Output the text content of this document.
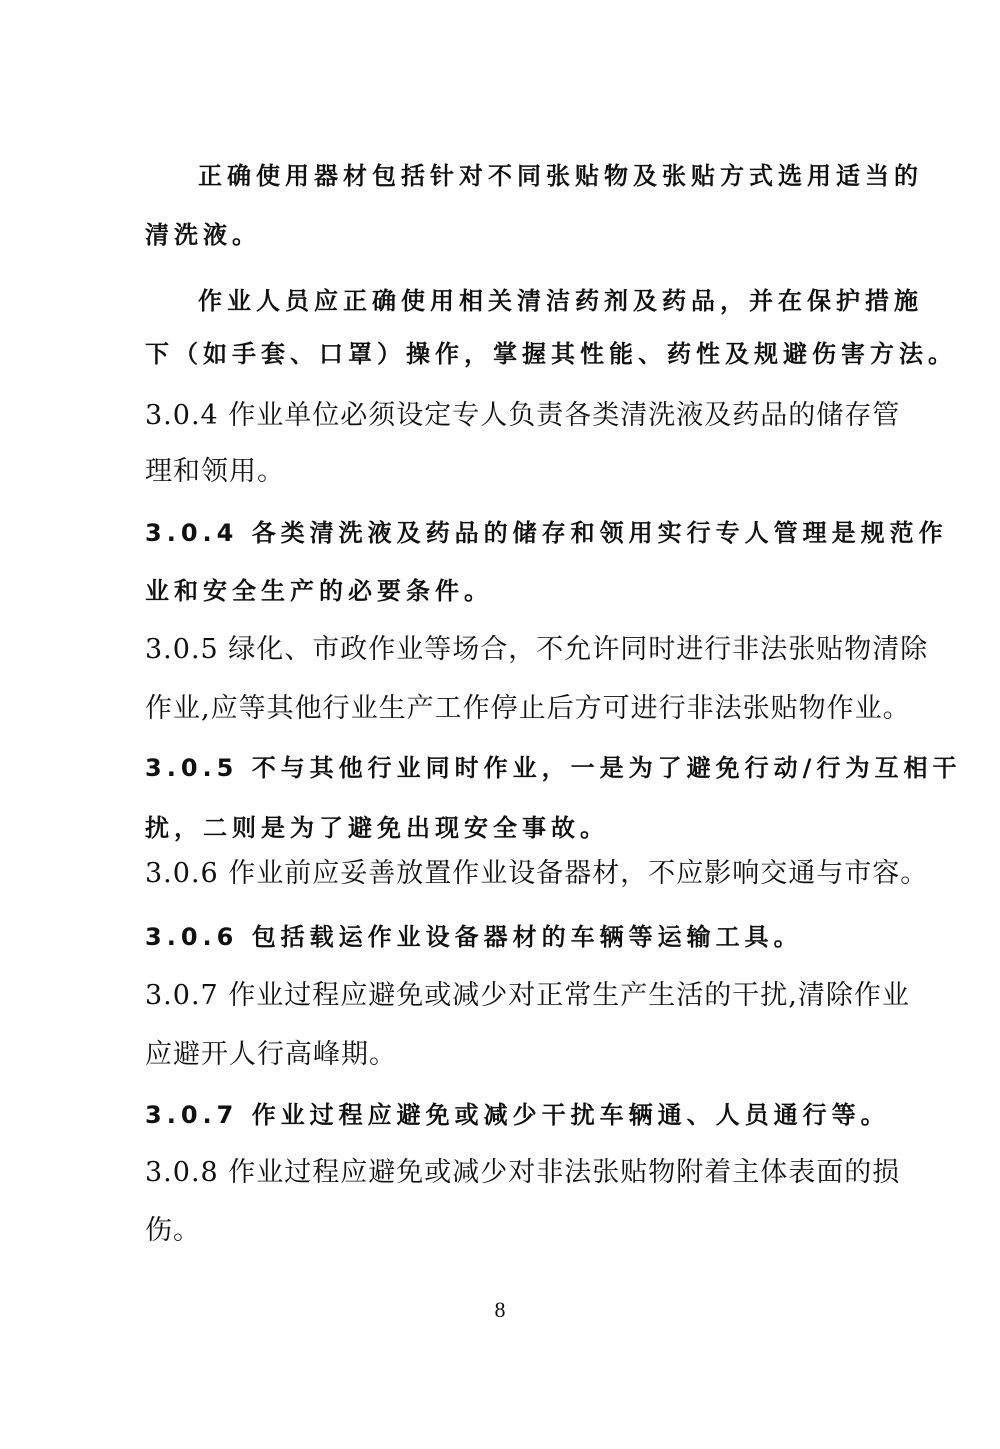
正确使用器材包括针对不同张贴物及张贴方式选用适当的
清洗液。
作业人员应正确使用相关清洁药剂及药品，并在保护措施
下（如手套、口罩）操作，掌握其性能、药性及规避伤害方法。
3.0.4 作业单位必须设定专人负责各类清洗液及药品的储存管
理和领用。
3.0.4 各类清洗液及药品的储存和领用实行专人管理是规范作
业和安全生产的必要条件。
3.0.5 绿化、市政作业等场合，不允许同时进行非法张贴物清除
作业,应等其他行业生产工作停止后方可进行非法张贴物作业。
3.0.5 不与其他行业同时作业，一是为了避免行动/行为互相干
扰，二则是为了避免出现安全事故。
3.0.6 作业前应妥善放置作业设备器材，不应影响交通与市容。
3.0.6 包括载运作业设备器材的车辆等运输工具。
3.0.7 作业过程应避免或减少对正常生产生活的干扰,清除作业
应避开人行高峰期。
3.0.7 作业过程应避免或减少干扰车辆通、人员通行等。
3.0.8 作业过程应避免或减少对非法张贴物附着主体表面的损
伤。
8
